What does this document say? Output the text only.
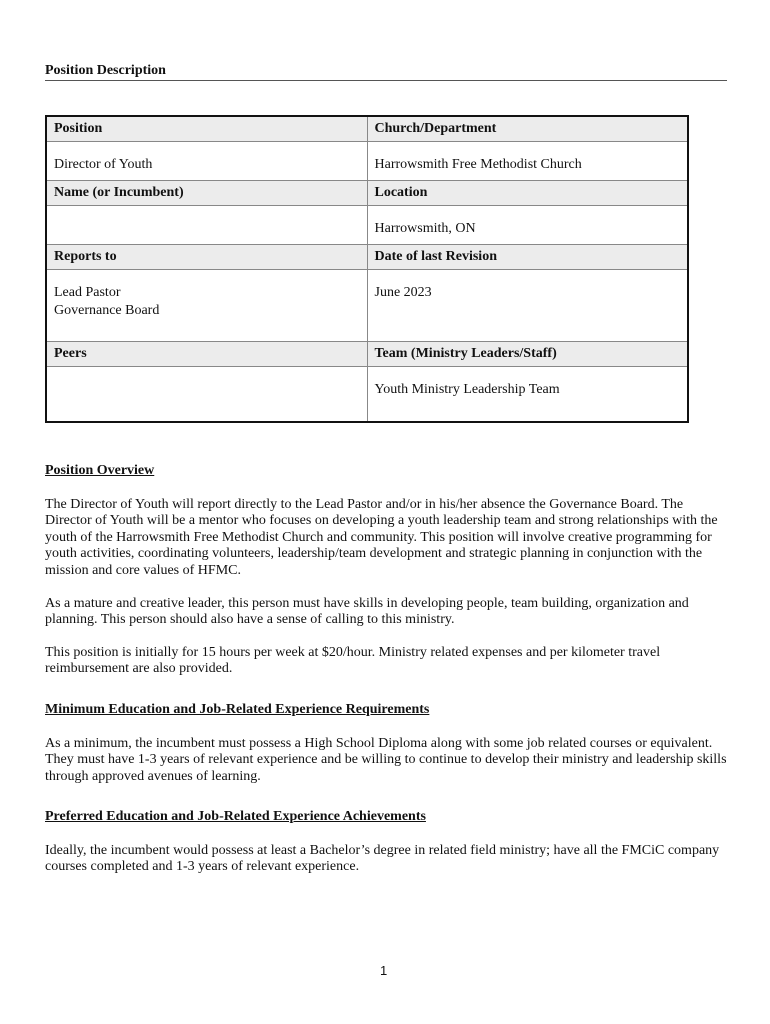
Position Description
Position	Church/Department

Director of Youth	Harrowsmith Free Methodist Church

Name (or Incumbent)	Location

	Harrowsmith, ON

Reports to	Date of last Revision

Lead Pastor
Governance Board	June 2023

Peers	Team (Ministry Leaders/Staff)

	Youth Ministry Leadership Team
Position Overview

The Director of Youth will report directly to the Lead Pastor and/or in his/her absence the Governance Board. The Director of Youth will be a mentor who focuses on developing a youth leadership team and strong relationships with the youth of the Harrowsmith Free Methodist Church and community. This position will involve creative programming for youth activities, coordinating volunteers, leadership/team development and strategic planning in conjunction with the mission and core values of HFMC.

As a mature and creative leader, this person must have skills in developing people, team building, organization and planning. This person should also have a sense of calling to this ministry.

This position is initially for 15 hours per week at $20/hour. Ministry related expenses and per kilometer travel reimbursement are also provided.

Minimum Education and Job-Related Experience Requirements

As a minimum, the incumbent must possess a High School Diploma along with some job related courses or equivalent. They must have 1-3 years of relevant experience and be willing to continue to develop their ministry and leadership skills through approved avenues of learning.

Preferred Education and Job-Related Experience Achievements

Ideally, the incumbent would possess at least a Bachelor’s degree in related field ministry; have all the FMCiC company courses completed and 1-3 years of relevant experience.

1
